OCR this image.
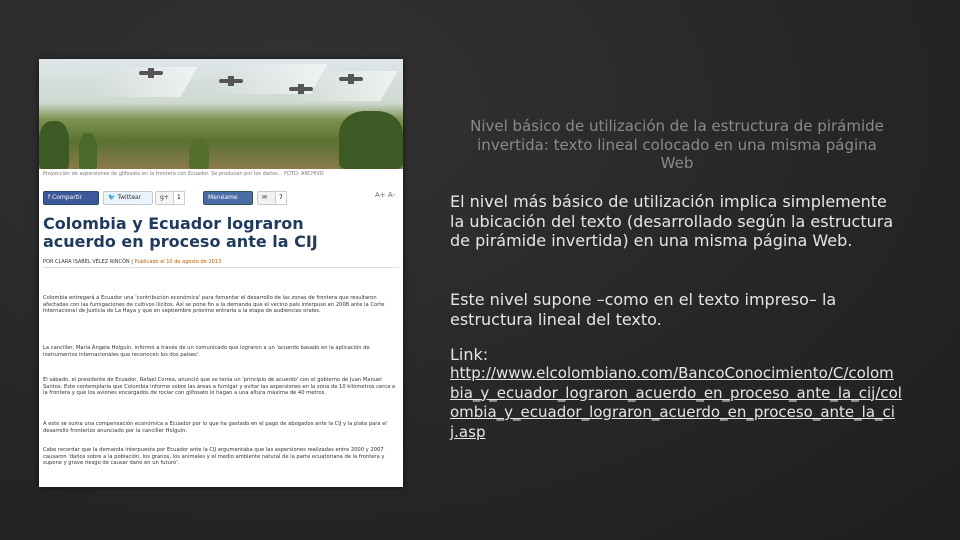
Proyección de aspersiones de glifosato en la frontera con Ecuador. Se producen por los daños... FOTO: ARCHIVO
f Compartir	🐦 Twittear	g+	1	Menéame	✉	7	A+ A-
Colombia y Ecuador lograron acuerdo en proceso ante la CIJ
POR CLARA ISABEL VÉLEZ RINCÓN | Publicado el 10 de agosto de 2013
Colombia entregará a Ecuador una 'contribución económica' para fomentar el desarrollo de las zonas de frontera que resultaron afectadas con las fumigaciones de cultivos ilícitos. Así se pone fin a la demanda que el vecino país interpuso en 2008 ante la Corte Internacional de Justicia de La Haya y que en septiembre próximo entraría a la etapa de audiencias orales.
La canciller, María Ángela Holguín, informó a través de un comunicado que lograron a un 'acuerdo basado en la aplicación de instrumentos internacionales que reconocen los dos países'.
El sábado, el presidente de Ecuador, Rafael Correa, anunció que se tenía un 'principio de acuerdo' con el gobierno de Juan Manuel Santos. Este contemplaría que Colombia informe sobre las áreas a fumigar y evitar las aspersiones en la zona de 10 kilómetros cerca a la frontera y que los aviones encargados de rociar con glifosato lo hagan a una altura máxima de 40 metros.
A esto se suma una compensación económica a Ecuador por lo que ha gastado en el pago de abogados ante la CIJ y la plata para el desarrollo fronterizo anunciado por la canciller Holguín.
Cabe recordar que la demanda interpuesta por Ecuador ante la CIJ argumentaba que las aspersiones realizadas entre 2000 y 2007 causaron 'daños sobre a la población, los granos, los animales y el medio ambiente natural de la parte ecuatoriana de la frontera y supone y grave riesgo de causar daño en un futuro'.
Nivel básico de utilización de la estructura de pirámide invertida: texto lineal colocado en una misma página Web
El nivel más básico de utilización implica simplemente la ubicación del texto (desarrollado según la estructura de pirámide invertida) en una misma página Web.
Este nivel supone –como en el texto impreso– la estructura lineal del texto.
Link:
http://www.elcolombiano.com/BancoConocimiento/C/colombia_y_ecuador_lograron_acuerdo_en_proceso_ante_la_cij/colombia_y_ecuador_lograron_acuerdo_en_proceso_ante_la_cij.asp
